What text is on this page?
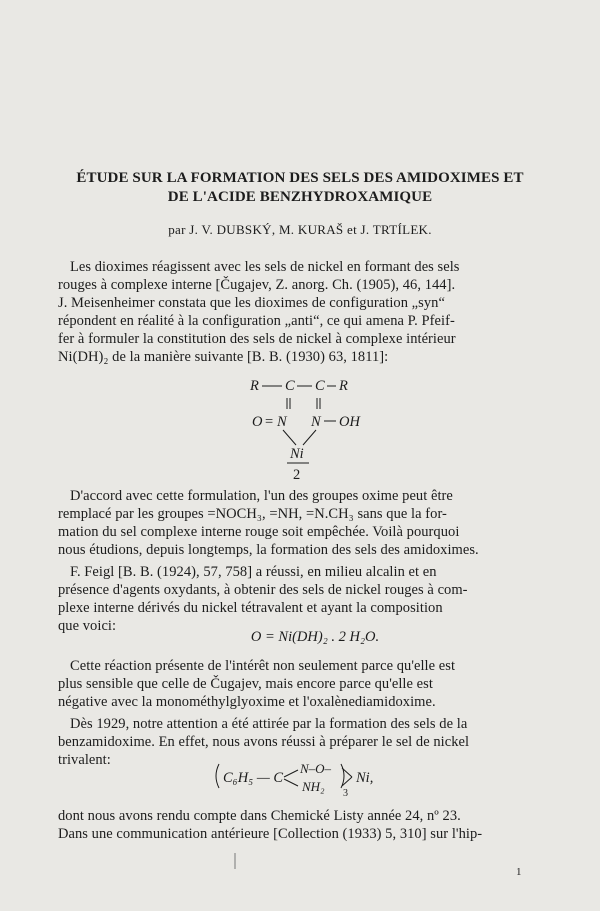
ÉTUDE SUR LA FORMATION DES SELS DES AMIDOXIMES ET
DE L'ACIDE BENZHYDROXAMIQUE
par J. V. DUBSKÝ, M. KURAŠ et J. TRTÍLEK.
Les dioximes réagissent avec les sels de nickel en formant des sels
rouges à complexe interne [Čugajev, Z. anorg. Ch. (1905), 46, 144].
J. Meisenheimer constata que les dioximes de configuration „syn“
répondent en réalité à la configuration „anti“, ce qui amena P. Pfeif-
fer à formuler la constitution des sels de nickel à complexe intérieur
Ni(DH)₂ de la manière suivante [B. B. (1930) 63, 1811]:
R C C R
O = N N OH
Ni
2
D'accord avec cette formulation, l'un des groupes oxime peut être
remplacé par les groupes =NOCH₃, =NH, =N.CH₃ sans que la for-
mation du sel complexe interne rouge soit empêchée. Voilà pourquoi
nous étudions, depuis longtemps, la formation des sels des amidoximes.
F. Feigl [B. B. (1924), 57, 758] a réussi, en milieu alcalin et en
présence d'agents oxydants, à obtenir des sels de nickel rouges à com-
plexe interne dérivés du nickel tétravalent et ayant la composition
que voici:
O = Ni(DH)₂ . 2 H₂O.
Cette réaction présente de l'intérêt non seulement parce qu'elle est
plus sensible que celle de Čugajev, mais encore parce qu'elle est
négative avec la monométhylglyoxime et l'oxalènediamidoxime.
Dès 1929, notre attention a été attirée par la formation des sels de la
benzamidoxime. En effet, nous avons réussi à préparer le sel de nickel
trivalent:
C₆H₅ — C
N–O–
NH₂ 3
Ni,
dont nous avons rendu compte dans Chemické Listy année 24, nº 23.
Dans une communication antérieure [Collection (1933) 5, 310] sur l'hip-
1
